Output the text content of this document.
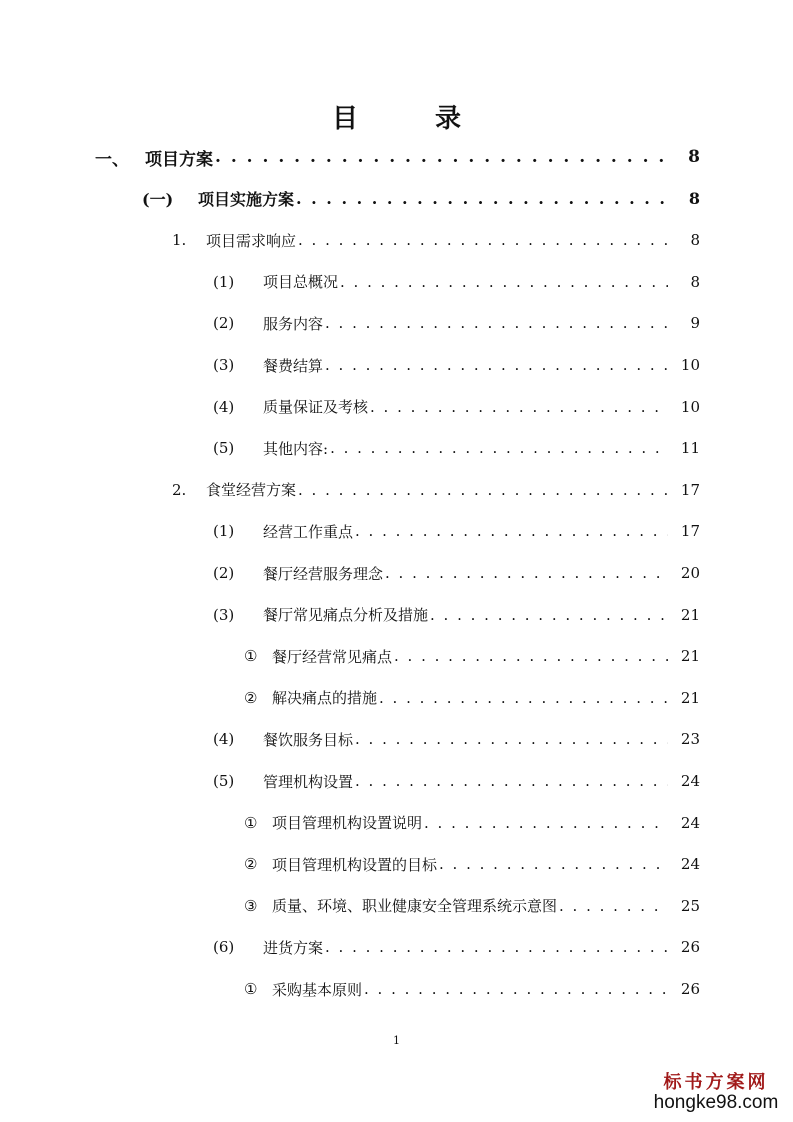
目 录
一、 项目方案 . . .	8
(一)	项目实施方案 . . .	8
1.	项目需求响应 . . .	8
(1)	项目总概况 . . .	8
(2)	服务内容 . . .	9
(3)	餐费结算 . . .	10
(4)	质量保证及考核 . . .	10
(5)	其他内容: . . .	11
2.	食堂经营方案 . . .	17
(1)	经营工作重点 . . .	17
(2)	餐厅经营服务理念 . . .	20
(3)	餐厅常见痛点分析及措施 . . .	21
① 餐厅经营常见痛点 . . .	21
② 解决痛点的措施 . . .	21
(4)	餐饮服务目标 . . .	23
(5)	管理机构设置 . . .	24
① 项目管理机构设置说明 . . .	24
② 项目管理机构设置的目标 . . .	24
③ 质量、环境、职业健康安全管理系统示意图 . . .	25
(6)	进货方案 . . .	26
① 采购基本原则 . . .	26
1
标书方案网
hongke98.com
